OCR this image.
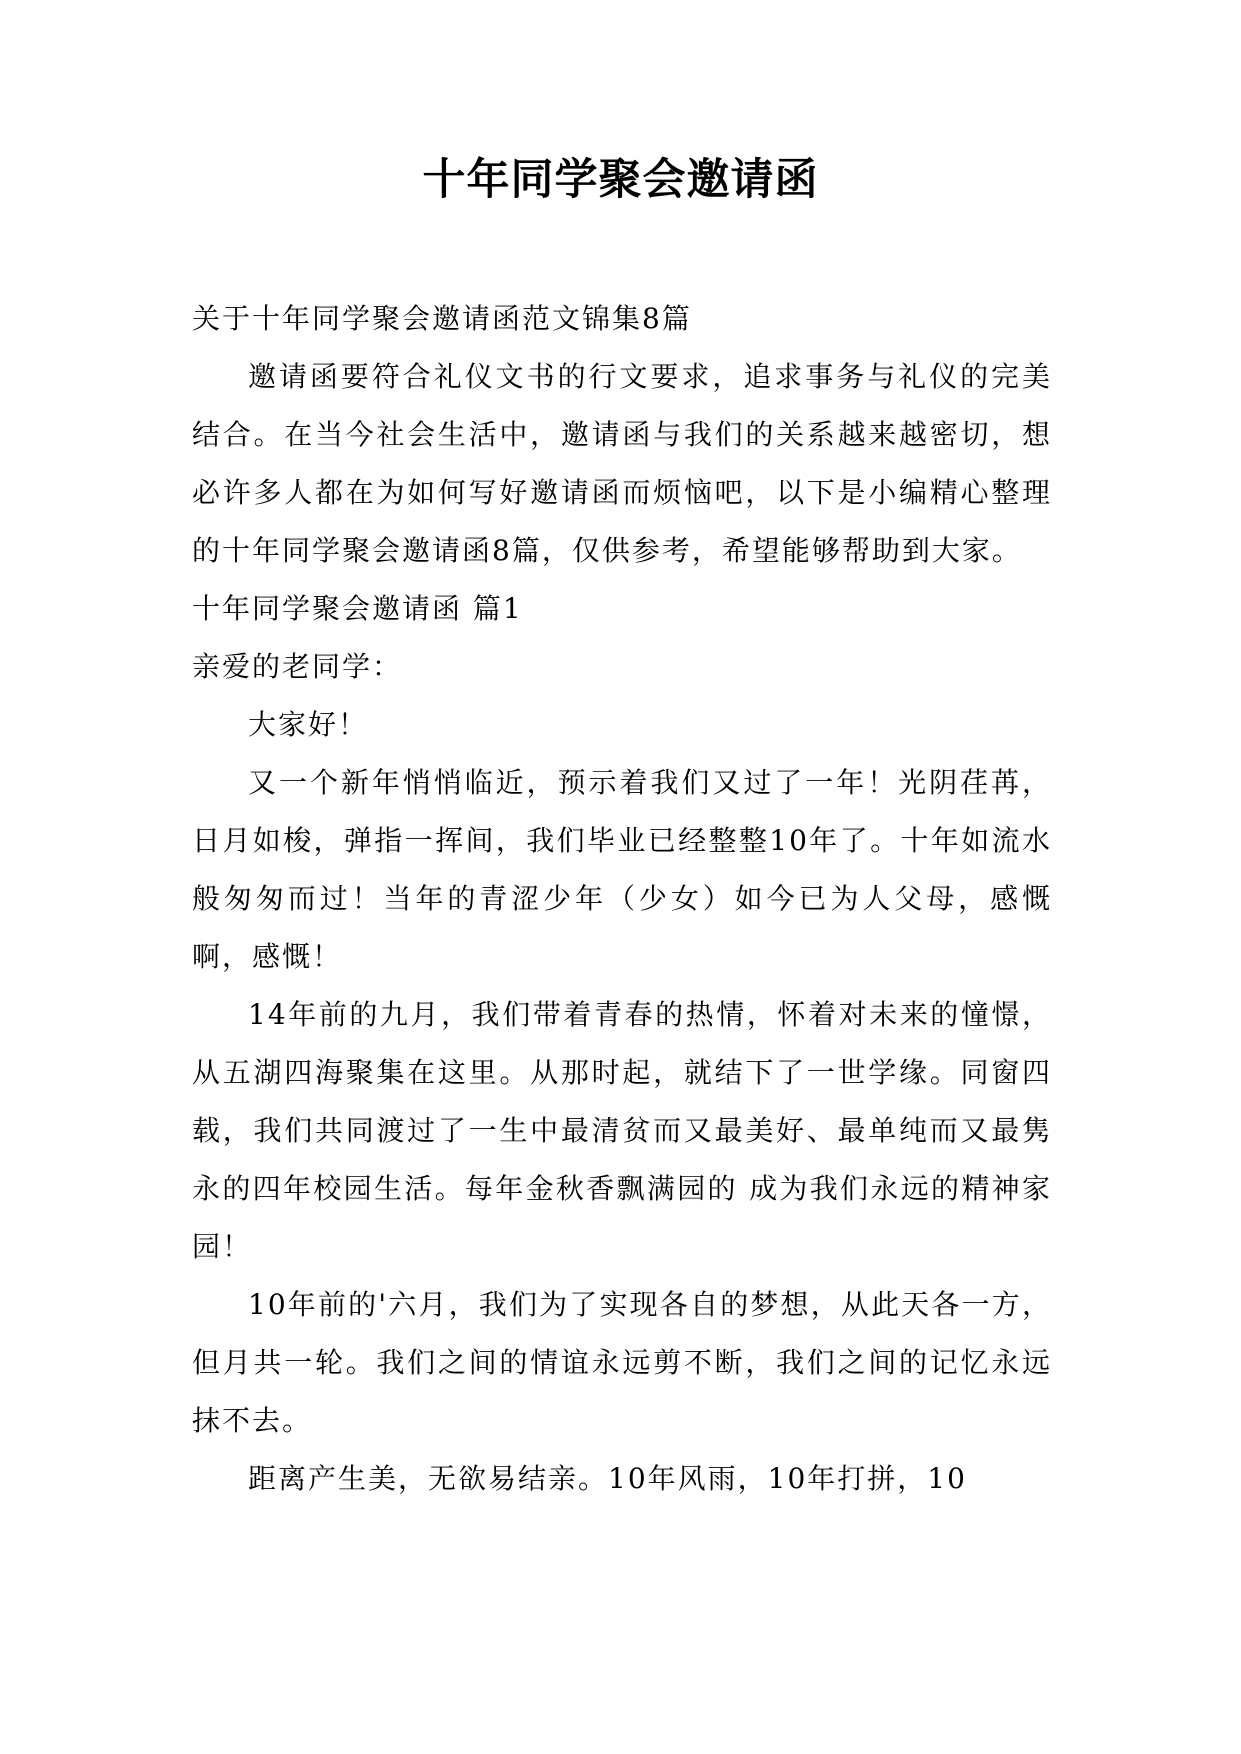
十年同学聚会邀请函

关于十年同学聚会邀请函范文锦集8篇

邀请函要符合礼仪文书的行文要求，追求事务与礼仪的完美结合。在当今社会生活中，邀请函与我们的关系越来越密切，想必许多人都在为如何写好邀请函而烦恼吧，以下是小编精心整理的十年同学聚会邀请函8篇，仅供参考，希望能够帮助到大家。

十年同学聚会邀请函 篇1

亲爱的老同学：

大家好！

又一个新年悄悄临近，预示着我们又过了一年！光阴荏苒，日月如梭，弹指一挥间，我们毕业已经整整10年了。十年如流水般匆匆而过！当年的青涩少年（少女）如今已为人父母，感慨啊，感慨！

14年前的九月，我们带着青春的热情，怀着对未来的憧憬，从五湖四海聚集在这里。从那时起，就结下了一世学缘。同窗四载，我们共同渡过了一生中最清贫而又最美好、最单纯而又最隽永的四年校园生活。每年金秋香飘满园的 成为我们永远的精神家园！

10年前的'六月，我们为了实现各自的梦想，从此天各一方，但月共一轮。我们之间的情谊永远剪不断，我们之间的记忆永远抹不去。

距离产生美，无欲易结亲。10年风雨，10年打拼，10
